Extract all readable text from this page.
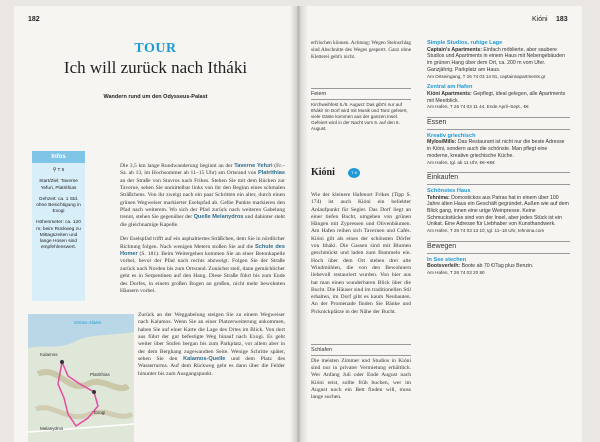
182
TOUR
Ich will zurück nach Itháki
Wandern rund um den Odysseus-Palast
Infos
⚲ T 5
Start/Ziel: Taverne Yefuri, Platrithias
Gehzeit: ca. 1 Std. ohne Besichtigung in Exogi
Höhenmeter: ca. 120 m; beim Rückweg zu Mittagszeiten und lange Hosen sind empfehlenswert.
Die 3,5 km lange Rundwanderung beginnt an der Taverne Yefuri (Fr.–Sa. ab 13, im Hochsommer ab 11–15 Uhr) am Ortsrand von Platrithias an der Straße von Stavros nach Frikes. Stehen Sie mit dem Rücken zur Taverne, sehen Sie unmittelbar links von ihr den Beginn eines schmalen Sträßchens. Von ihr zweigt nach ein paar Schritten ein alter, durch einen grünen Wegweiser markierter Eselspfad ab. Gelbe Punkte markieren den Pfad nach weiterem. Wo sich der Pfad zurück nach weiteren Gabelung trennt, stehen Sie gegenüber der Quelle Melanydros und dahinter steht die gleichnamige Kapelle.

Der Eselspfad trifft auf ein asphaltiertes Sträßchen, dem Sie in nördlicher Richtung folgen. Nach wenigen Metern stoßen Sie auf die Schule des Homer (S. 181). Beim Weitergehen kommen Sie an einer Betonkapelle vorbei, bevor der Pfad nach rechts abzweigt. Folgen Sie der Straße zurück nach Norden bis zum Ortsrand. Zunächst steil, dann gemächlicher geht es in Serpentinen auf den Hang. Diese Straße führt bis zum Ende des Dorfes, in einem großen Bogen an großen, nicht mehr bewohnten Häusern vorbei.
Zurück an der Weggabelung steigen Sie zu einem Wegweiser nach Kalamos. Wenn Sie an einer Platzerweiterung ankommen, haben Sie auf einer Karte die Lage des Ortes im Blick. Von dort aus führt der gut befestigte Weg hinauf nach Exogi. Es geht weiter über Stufen bergan bis zum Parkplatz, vor allem aber in der dem Berghang zugewandten Seite. Wenige Schritte später, sehen Sie den Kalamos-Quelle und dem Platz des Wasserturms. Auf dem Rückweg geht es dann über die Felder hinunter bis zum Ausgangspunkt.
Ormos Afales
Platrithias
Kalamos
Melanydros
Exogi
Kióni 183
erfrischen können. Achtung: Wegen Steinschlag sind Abschnitte des Weges gesperrt. Ganz ohne Kletterei geht's nicht.
Feiern
Kirchweihfest 5./6. August: Das gibt's nur auf Itháki! Im Dorf wird mit Musik und Tanz gefeiert, viele Gäste kommen aus der ganzen Insel. Gefeiert wird in der Nacht vom 5. auf den 6. August.
Kióni	T 6
Wie der kleinere Hafenort Frikes (Tipp S. 174) ist auch Kióni ein beliebter Anlaufpunkt für Segler. Das Dorf liegt an einer tiefen Bucht, umgeben von grünen Hängen mit Zypressen und Olivenbäumen. Am Hafen reihen sich Tavernen und Cafés. Kióni gilt als eines der schönsten Dörfer von Itháki. Die Gassen sind mit Blumen geschmückt und laden zum Bummeln ein. Hoch über dem Ort stehen drei alte Windmühlen, die von den Bewohnern liebevoll restauriert wurden. Von hier aus hat man einen wunderbaren Blick über die Bucht. Die Häuser sind im traditionellen Stil erhalten, im Dorf gibt es kaum Neubauten. An der Promenade finden Sie Bänke und Picknickplätze in der Nähe der Bucht.
Schlafen
Die meisten Zimmer und Studios in Kióni sind nur in privater Vermietung erhältlich. Wer Anfang Juli oder Ende August nach Kióni reist, sollte früh buchen, wer im August noch ein Bett finden will, muss lange suchen.
Simple Studios, ruhige Lage
Captain's Apartments: Einfach möblierte, aber saubere Studios und Apartments in einem Haus mit Nebengebäuden im grünen Hang über dem Ort, ca. 200 m vom Ufer. Ganzjährig. Parkplatz am Haus.
Am Ortseingang, T 26 74 03 14 81, captainsapartments.gr
Zentral am Hafen
Kióni Apartments: Gepflegt, ideal gelegen, alle Apartments mit Meerblick.
Am Hafen, T 26 74 03 11 44, Ende April–Sept., €€
Essen
Kreativ griechisch
Mylos/Mills: Das Restaurant ist nicht nur die beste Adresse in Kióni, sondern auch die schönste. Man pflegt eine moderne, kreative griechische Küche.
Am Hafen, tgl. ab 11 Uhr, €€–€€€
Einkaufen
Schönstes Haus
Tehnima: Domostickos aus Patras hat in einem über 100 Jahre alten Haus ein Geschäft gegründet. Außen wie auf dem Blick gang, innen eine urige Weinpresse. Keine Schmuckstücke sind von der Insel, aber jedes Stück ist ein Unikat. Eine Adresse für Liebhaber von Kunsthandwerk.
Am Hafen, T 26 74 03 13 10, tgl. 11–18 Uhr, tehnima.com
Bewegen
In See stechen
Bootsverleih: Boote ab 70 €/Tag plus Benzin.
Am Hafen, T 26 74 03 20 90
